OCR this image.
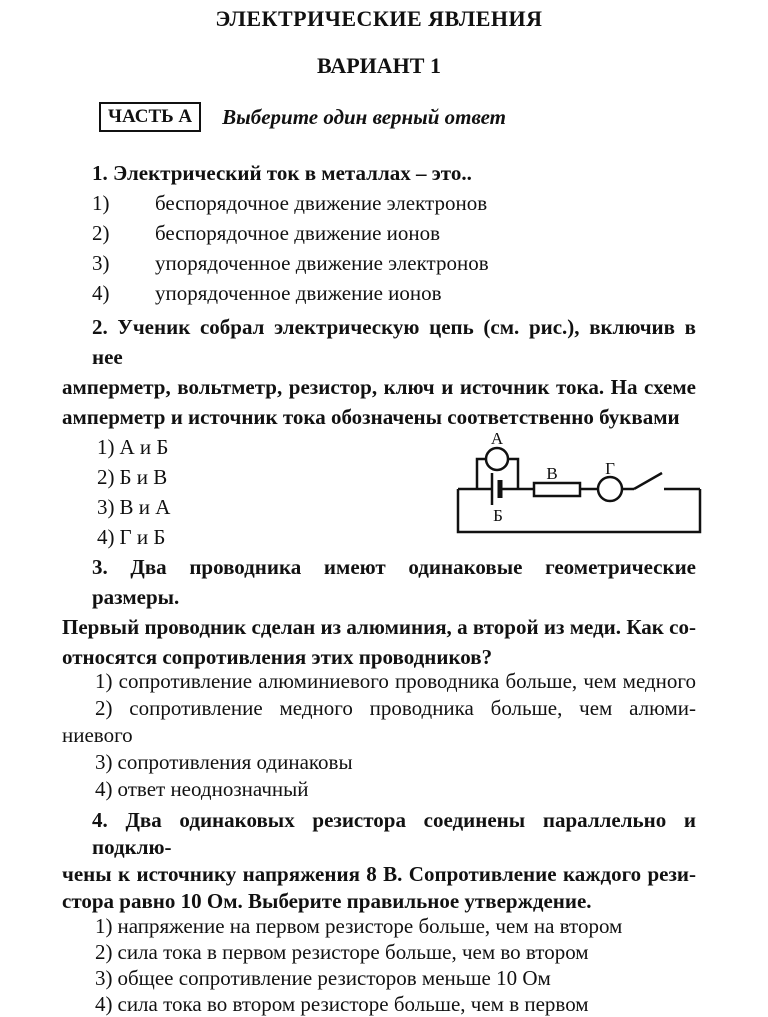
ЭЛЕКТРИЧЕСКИЕ ЯВЛЕНИЯ
ВАРИАНТ 1
ЧАСТЬ А	Выберите один верный ответ
1. Электрический ток в металлах – это..
1)	беспорядочное движение электронов
2)	беспорядочное движение ионов
3)	упорядоченное движение электронов
4)	упорядоченное движение ионов
2. Ученик собрал электрическую цепь (см. рис.), включив в нее
амперметр, вольтметр, резистор, ключ и источник тока. На схеме
амперметр и источник тока обозначены соответственно буквами
1) А и Б
2) Б и В
3) В и А
4) Г и Б
А
Б
В	Г
3. Два проводника имеют одинаковые геометрические размеры.
Первый проводник сделан из алюминия, а второй из меди. Как со-
относятся сопротивления этих проводников?
1) сопротивление алюминиевого проводника больше, чем медного
2) сопротивление медного проводника больше, чем алюми-
ниевого
3) сопротивления одинаковы
4) ответ неоднозначный
4. Два одинаковых резистора соединены параллельно и подклю-
чены к источнику напряжения 8 В. Сопротивление каждого рези-
стора равно 10 Ом. Выберите правильное утверждение.
1) напряжение на первом резисторе больше, чем на втором
2) сила тока в первом резисторе больше, чем во втором
3) общее сопротивление резисторов меньше 10 Ом
4) сила тока во втором резисторе больше, чем в первом
